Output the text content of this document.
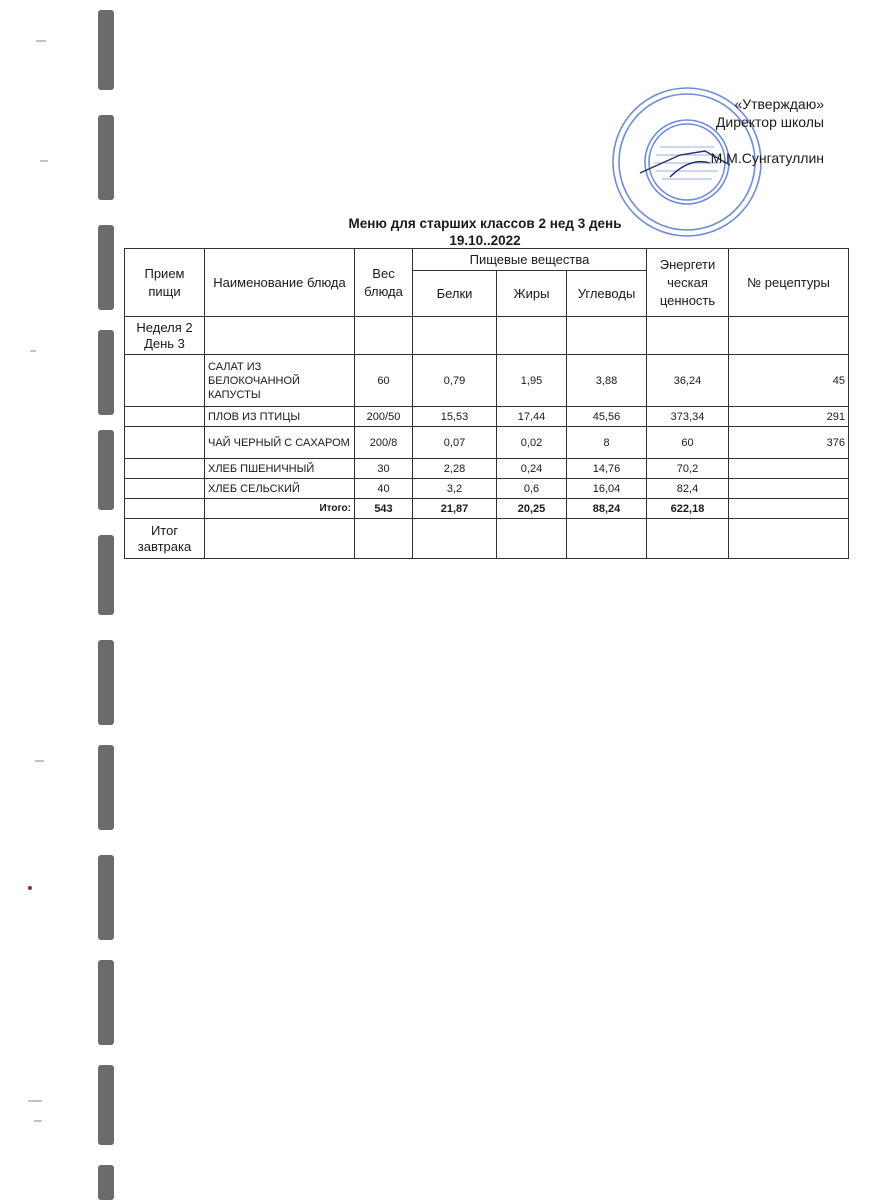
«Утверждаю»
Директор школы
М.М.Сунгатуллин
Меню для старших классов 2 нед 3 день
19.10..2022
Прием пищи	Наименование блюда	Вес блюда	Пищевые вещества			Энергети ческая ценность	№ рецептуры
			Белки	Жиры	Углеводы		
Неделя 2 День 3							
	САЛАТ ИЗ БЕЛОКОЧАННОЙ КАПУСТЫ	60	0,79	1,95	3,88	36,24	45
	ПЛОВ ИЗ ПТИЦЫ	200/50	15,53	17,44	45,56	373,34	291
	ЧАЙ ЧЕРНЫЙ С САХАРОМ	200/8	0,07	0,02	8	60	376
	ХЛЕБ ПШЕНИЧНЫЙ	30	2,28	0,24	14,76	70,2	
	ХЛЕБ СЕЛЬСКИЙ	40	3,2	0,6	16,04	82,4	
	Итого:	543	21,87	20,25	88,24	622,18	
Итог завтрака							
